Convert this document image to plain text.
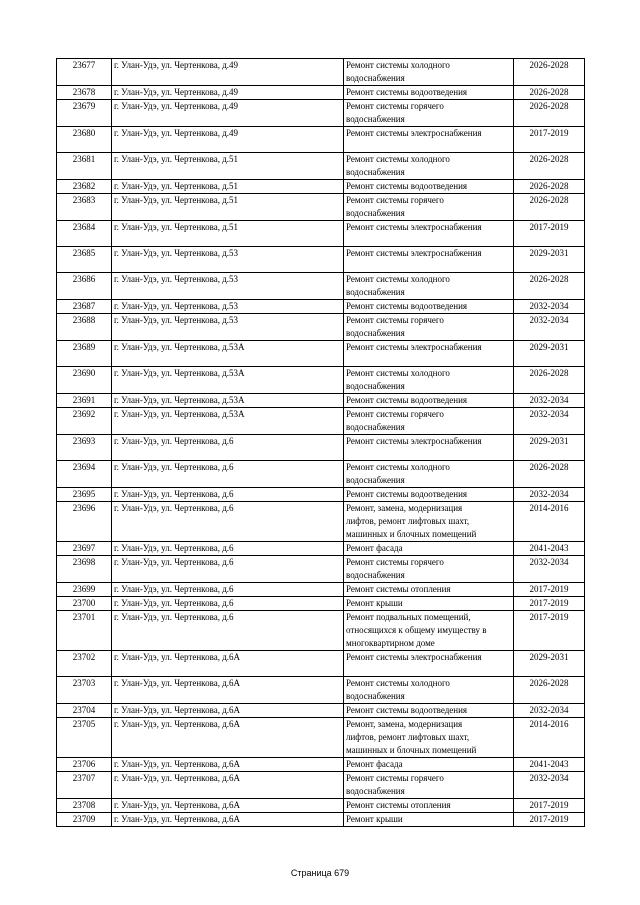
23677	г. Улан-Удэ, ул. Чертенкова, д.49	Ремонт системы холодного
водоснабжения	2026-2028
23678	г. Улан-Удэ, ул. Чертенкова, д.49	Ремонт системы водоотведения	2026-2028
23679	г. Улан-Удэ, ул. Чертенкова, д.49	Ремонт системы горячего
водоснабжения	2026-2028
23680	г. Улан-Удэ, ул. Чертенкова, д.49	Ремонт системы электроснабжения	2017-2019
23681	г. Улан-Удэ, ул. Чертенкова, д.51	Ремонт системы холодного
водоснабжения	2026-2028
23682	г. Улан-Удэ, ул. Чертенкова, д.51	Ремонт системы водоотведения	2026-2028
23683	г. Улан-Удэ, ул. Чертенкова, д.51	Ремонт системы горячего
водоснабжения	2026-2028
23684	г. Улан-Удэ, ул. Чертенкова, д.51	Ремонт системы электроснабжения	2017-2019
23685	г. Улан-Удэ, ул. Чертенкова, д.53	Ремонт системы электроснабжения	2029-2031
23686	г. Улан-Удэ, ул. Чертенкова, д.53	Ремонт системы холодного
водоснабжения	2026-2028
23687	г. Улан-Удэ, ул. Чертенкова, д.53	Ремонт системы водоотведения	2032-2034
23688	г. Улан-Удэ, ул. Чертенкова, д.53	Ремонт системы горячего
водоснабжения	2032-2034
23689	г. Улан-Удэ, ул. Чертенкова, д.53А	Ремонт системы электроснабжения	2029-2031
23690	г. Улан-Удэ, ул. Чертенкова, д.53А	Ремонт системы холодного
водоснабжения	2026-2028
23691	г. Улан-Удэ, ул. Чертенкова, д.53А	Ремонт системы водоотведения	2032-2034
23692	г. Улан-Удэ, ул. Чертенкова, д.53А	Ремонт системы горячего
водоснабжения	2032-2034
23693	г. Улан-Удэ, ул. Чертенкова, д.6	Ремонт системы электроснабжения	2029-2031
23694	г. Улан-Удэ, ул. Чертенкова, д.6	Ремонт системы холодного
водоснабжения	2026-2028
23695	г. Улан-Удэ, ул. Чертенкова, д.6	Ремонт системы водоотведения	2032-2034
23696	г. Улан-Удэ, ул. Чертенкова, д.6	Ремонт, замена, модернизация
лифтов, ремонт лифтовых шахт,
машинных и блочных помещений	2014-2016
23697	г. Улан-Удэ, ул. Чертенкова, д.6	Ремонт фасада	2041-2043
23698	г. Улан-Удэ, ул. Чертенкова, д.6	Ремонт системы горячего
водоснабжения	2032-2034
23699	г. Улан-Удэ, ул. Чертенкова, д.6	Ремонт системы отопления	2017-2019
23700	г. Улан-Удэ, ул. Чертенкова, д.6	Ремонт крыши	2017-2019
23701	г. Улан-Удэ, ул. Чертенкова, д.6	Ремонт подвальных помещений,
относящихся к общему имуществу в
многоквартирном доме	2017-2019
23702	г. Улан-Удэ, ул. Чертенкова, д.6А	Ремонт системы электроснабжения	2029-2031
23703	г. Улан-Удэ, ул. Чертенкова, д.6А	Ремонт системы холодного
водоснабжения	2026-2028
23704	г. Улан-Удэ, ул. Чертенкова, д.6А	Ремонт системы водоотведения	2032-2034
23705	г. Улан-Удэ, ул. Чертенкова, д.6А	Ремонт, замена, модернизация
лифтов, ремонт лифтовых шахт,
машинных и блочных помещений	2014-2016
23706	г. Улан-Удэ, ул. Чертенкова, д.6А	Ремонт фасада	2041-2043
23707	г. Улан-Удэ, ул. Чертенкова, д.6А	Ремонт системы горячего
водоснабжения	2032-2034
23708	г. Улан-Удэ, ул. Чертенкова, д.6А	Ремонт системы отопления	2017-2019
23709	г. Улан-Удэ, ул. Чертенкова, д.6А	Ремонт крыши	2017-2019
Страница 679
